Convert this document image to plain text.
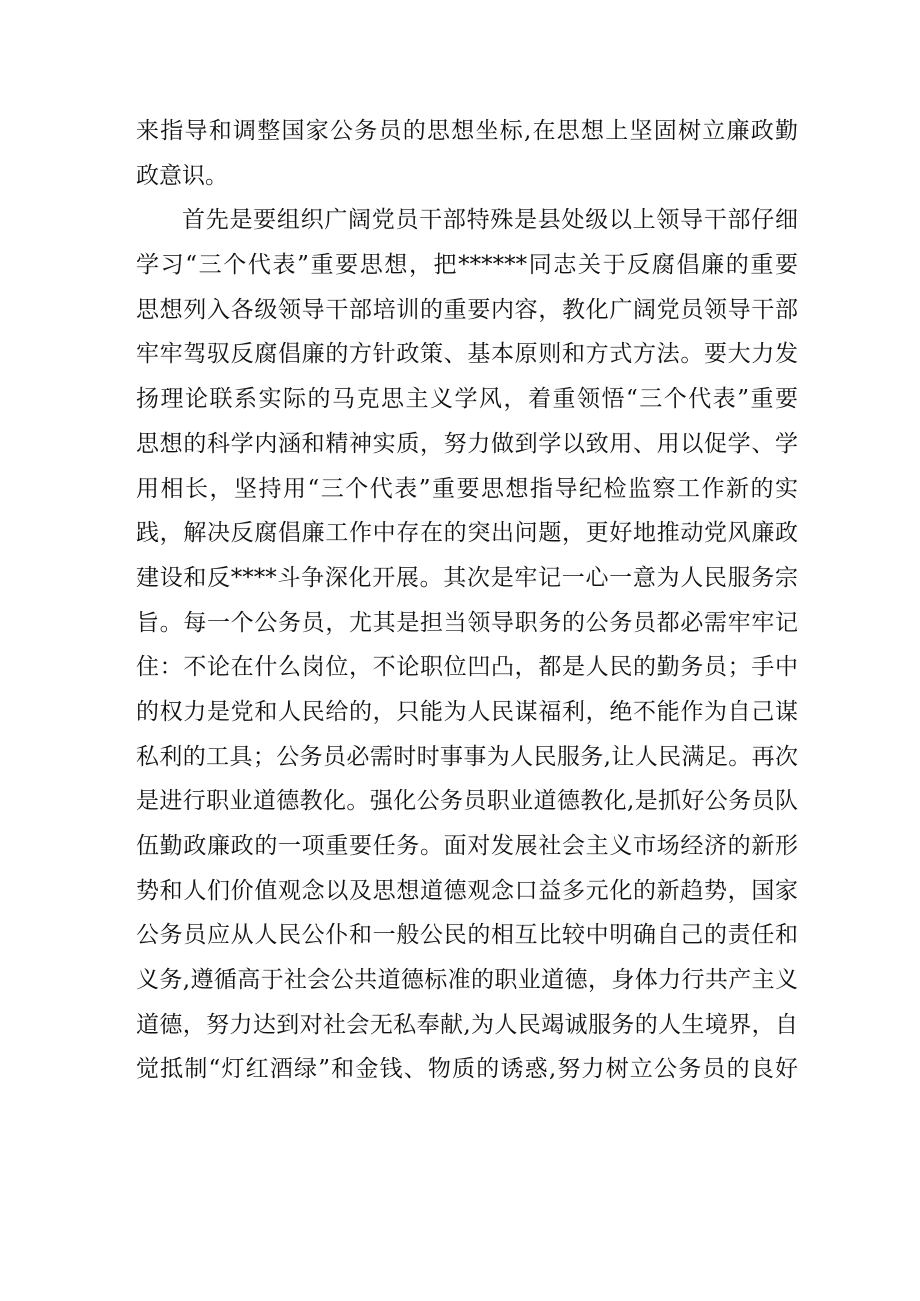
来指导和调整国家公务员的思想坐标,在思想上坚固树立廉政勤
政意识。
首先是要组织广阔党员干部特殊是县处级以上领导干部仔细
学习“三个代表”重要思想，把******同志关于反腐倡廉的重要
思想列入各级领导干部培训的重要内容，教化广阔党员领导干部
牢牢驾驭反腐倡廉的方针政策、基本原则和方式方法。要大力发
扬理论联系实际的马克思主义学风，着重领悟“三个代表”重要
思想的科学内涵和精神实质，努力做到学以致用、用以促学、学
用相长，坚持用“三个代表”重要思想指导纪检监察工作新的实
践，解决反腐倡廉工作中存在的突出问题，更好地推动党风廉政
建设和反****斗争深化开展。其次是牢记一心一意为人民服务宗
旨。每一个公务员，尤其是担当领导职务的公务员都必需牢牢记
住：不论在什么岗位，不论职位凹凸，都是人民的勤务员；手中
的权力是党和人民给的，只能为人民谋福利，绝不能作为自己谋
私利的工具；公务员必需时时事事为人民服务,让人民满足。再次
是进行职业道德教化。强化公务员职业道德教化,是抓好公务员队
伍勤政廉政的一项重要任务。面对发展社会主义市场经济的新形
势和人们价值观念以及思想道德观念口益多元化的新趋势，国家
公务员应从人民公仆和一般公民的相互比较中明确自己的责任和
义务,遵循高于社会公共道德标准的职业道德，身体力行共产主义
道德，努力达到对社会无私奉献,为人民竭诚服务的人生境界，自
觉抵制“灯红酒绿”和金钱、物质的诱惑,努力树立公务员的良好
